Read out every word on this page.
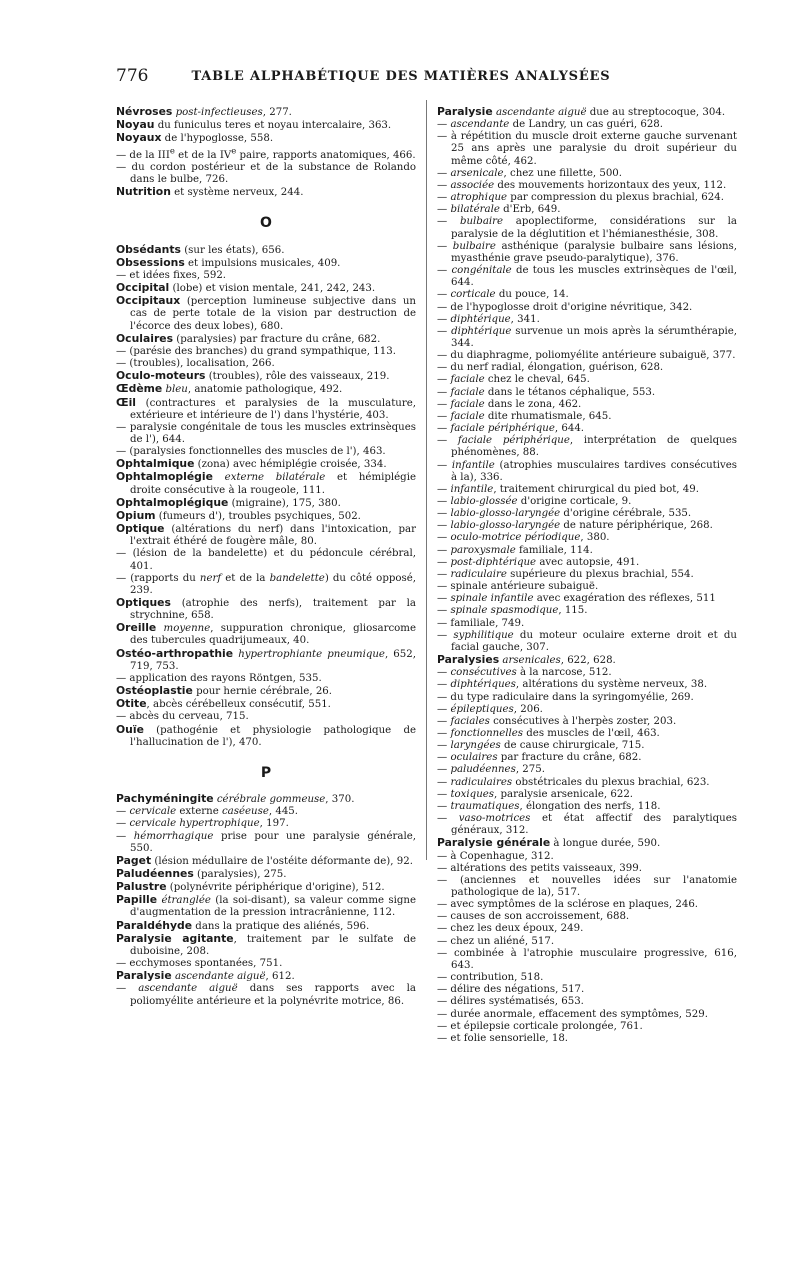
776	TABLE ALPHABÉTIQUE DES MATIÈRES ANALYSÉES
Névroses post-infectieuses, 277.
Noyau du funiculus teres et noyau intercalaire, 363.
Noyaux de l'hypoglosse, 558.
— de la IIIe et de la IVe paire, rapports anatomiques, 466.
— du cordon postérieur et de la substance de Rolando dans le bulbe, 726.
Nutrition et système nerveux, 244.
O
Obsédants (sur les états), 656.
Obsessions et impulsions musicales, 409.
— et idées fixes, 592.
Occipital (lobe) et vision mentale, 241, 242, 243.
Occipitaux (perception lumineuse subjective dans un cas de perte totale de la vision par destruction de l'écorce des deux lobes), 680.
Oculaires (paralysies) par fracture du crâne, 682.
— (parésie des branches) du grand sympathique, 113.
— (troubles), localisation, 266.
Oculo-moteurs (troubles), rôle des vaisseaux, 219.
Œdème bleu, anatomie pathologique, 492.
Œil (contractures et paralysies de la musculature, extérieure et intérieure de l') dans l'hystérie, 403.
— paralysie congénitale de tous les muscles extrinsèques de l'), 644.
— (paralysies fonctionnelles des muscles de l'), 463.
Ophtalmique (zona) avec hémiplégie croisée, 334.
Ophtalmoplégie externe bilatérale et hémiplégie droite consécutive à la rougeole, 111.
Ophtalmoplégique (migraine), 175, 380.
Opium (fumeurs d'), troubles psychiques, 502.
Optique (altérations du nerf) dans l'intoxication, par l'extrait éthéré de fougère mâle, 80.
— (lésion de la bandelette) et du pédoncule cérébral, 401.
— (rapports du nerf et de la bandelette) du côté opposé, 239.
Optiques (atrophie des nerfs), traitement par la strychnine, 658.
Oreille moyenne, suppuration chronique, gliosarcome des tubercules quadrijumeaux, 40.
Ostéo-arthropathie hypertrophiante pneumique, 652, 719, 753.
— application des rayons Röntgen, 535.
Ostéoplastie pour hernie cérébrale, 26.
Otite, abcès cérébelleux consécutif, 551.
— abcès du cerveau, 715.
Ouïe (pathogénie et physiologie pathologique de l'hallucination de l'), 470.
P
Pachyméningite cérébrale gommeuse, 370.
— cervicale externe caséeuse, 445.
— cervicale hypertrophique, 197.
— hémorrhagique prise pour une paralysie générale, 550.
Paget (lésion médullaire de l'ostéite déformante de), 92.
Paludéennes (paralysies), 275.
Palustre (polynévrite périphérique d'origine), 512.
Papille étranglée (la soi-disant), sa valeur comme signe d'augmentation de la pression intracrânienne, 112.
Paraldéhyde dans la pratique des aliénés, 596.
Paralysie agitante, traitement par le sulfate de duboisine, 208.
— ecchymoses spontanées, 751.
Paralysie ascendante aiguë, 612.
— ascendante aiguë dans ses rapports avec la poliomyélite antérieure et la polynévrite motrice, 86.
Paralysie ascendante aiguë due au streptocoque, 304.
— ascendante de Landry, un cas guéri, 628.
— à répétition du muscle droit externe gauche survenant 25 ans après une paralysie du droit supérieur du même côté, 462.
— arsenicale, chez une fillette, 500.
— associée des mouvements horizontaux des yeux, 112.
— atrophique par compression du plexus brachial, 624.
— bilatérale d'Erb, 649.
— bulbaire apoplectiforme, considérations sur la paralysie de la déglutition et l'hémianesthésie, 308.
— bulbaire asthénique (paralysie bulbaire sans lésions, myasthénie grave pseudo-paralytique), 376.
— congénitale de tous les muscles extrinsèques de l'œil, 644.
— corticale du pouce, 14.
— de l'hypoglosse droit d'origine névritique, 342.
— diphtérique, 341.
— diphtérique survenue un mois après la sérumthérapie, 344.
— du diaphragme, poliomyélite antérieure subaiguë, 377.
— du nerf radial, élongation, guérison, 628.
— faciale chez le cheval, 645.
— faciale dans le tétanos céphalique, 553.
— faciale dans le zona, 462.
— faciale dite rhumatismale, 645.
— faciale périphérique, 644.
— faciale périphérique, interprétation de quelques phénomènes, 88.
— infantile (atrophies musculaires tardives consécutives à la), 336.
— infantile, traitement chirurgical du pied bot, 49.
— labio-glossée d'origine corticale, 9.
— labio-glosso-laryngée d'origine cérébrale, 535.
— labio-glosso-laryngée de nature périphérique, 268.
— oculo-motrice périodique, 380.
— paroxysmale familiale, 114.
— post-diphtérique avec autopsie, 491.
— radiculaire supérieure du plexus brachial, 554.
— spinale antérieure subaiguë.
— spinale infantile avec exagération des réflexes, 511
— spinale spasmodique, 115.
— familiale, 749.
— syphilitique du moteur oculaire externe droit et du facial gauche, 307.
Paralysies arsenicales, 622, 628.
— consécutives à la narcose, 512.
— diphtériques, altérations du système nerveux, 38.
— du type radiculaire dans la syringomyélie, 269.
— épileptiques, 206.
— faciales consécutives à l'herpès zoster, 203.
— fonctionnelles des muscles de l'œil, 463.
— laryngées de cause chirurgicale, 715.
— oculaires par fracture du crâne, 682.
— paludéennes, 275.
— radiculaires obstétricales du plexus brachial, 623.
— toxiques, paralysie arsenicale, 622.
— traumatiques, élongation des nerfs, 118.
— vaso-motrices et état affectif des paralytiques généraux, 312.
Paralysie générale à longue durée, 590.
— à Copenhague, 312.
— altérations des petits vaisseaux, 399.
— (anciennes et nouvelles idées sur l'anatomie pathologique de la), 517.
— avec symptômes de la sclérose en plaques, 246.
— causes de son accroissement, 688.
— chez les deux époux, 249.
— chez un aliéné, 517.
— combinée à l'atrophie musculaire progressive, 616, 643.
— contribution, 518.
— délire des négations, 517.
— délires systématisés, 653.
— durée anormale, effacement des symptômes, 529.
— et épilepsie corticale prolongée, 761.
— et folie sensorielle, 18.
